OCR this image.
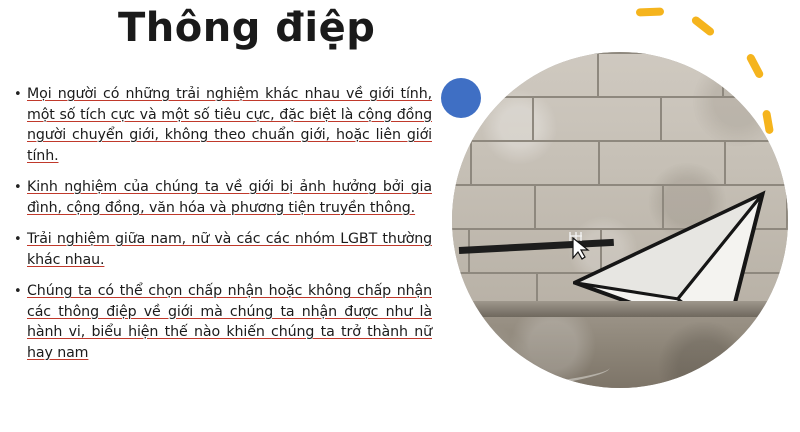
Thông điệp
• Mọi người có những trải nghiệm khác nhau về giới tính, một số tích cực và một số tiêu cực, đặc biệt là cộng đồng người chuyển giới, không theo chuẩn giới, hoặc liên giới tính.
• Kinh nghiệm của chúng ta về giới bị ảnh hưởng bởi gia đình, cộng đồng, văn hóa và phương tiện truyền thông.
• Trải nghiệm giữa nam, nữ và các các nhóm LGBT thường khác nhau.
• Chúng ta có thể chọn chấp nhận hoặc không chấp nhận các thông điệp về giới mà chúng ta nhận được như là hành vi, biểu hiện thế nào khiến chúng ta trở thành nữ hay nam
